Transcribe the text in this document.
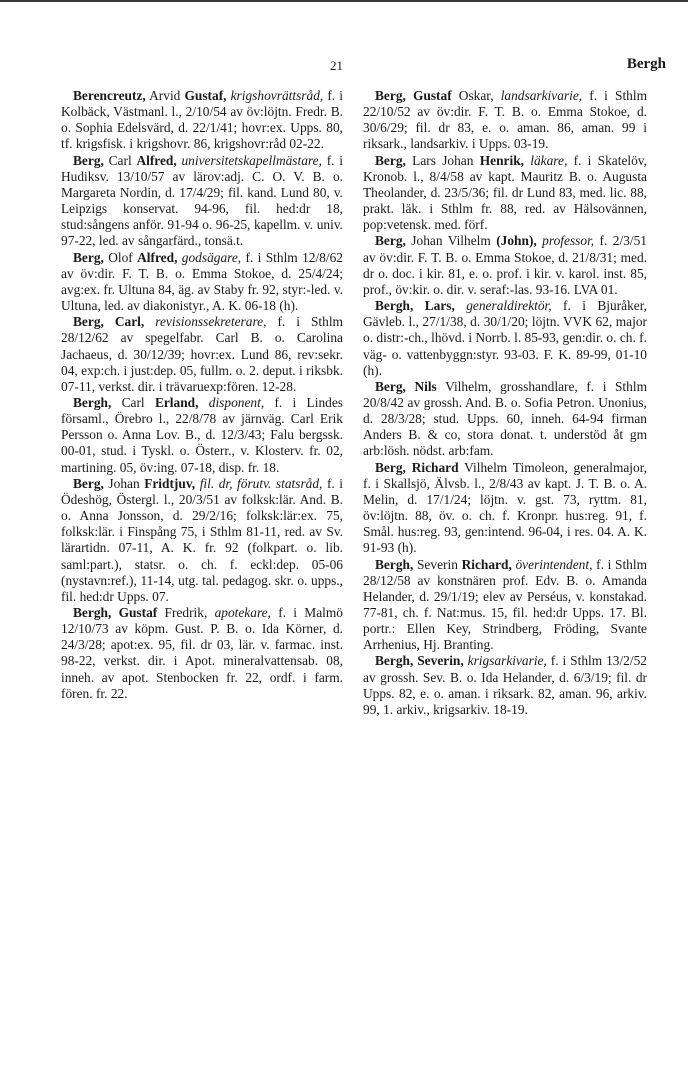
21	Bergh

Berencreutz, Arvid Gustaf, krigshovrättsråd, f. i Kolbäck, Västmanl. l., 2/10/54 av öv:löjtn. Fredr. B. o. Sophia Edelsvärd, d. 22/1/41; hovr:ex. Upps. 80, tf. krigsfisk. i krigshovr. 86, krigshovr:råd 02-22.

Berg, Carl Alfred, universitetskapellmästare, f. i Hudiksv. 13/10/57 av lärov:adj. C. O. V. B. o. Margareta Nordin, d. 17/4/29; fil. kand. Lund 80, v. Leipzigs konservat. 94-96, fil. hed:dr 18, stud:sångens anför. 91-94 o. 96-25, kapellm. v. univ. 97-22, led. av sångarfärd., tonsä.t.

Berg, Olof Alfred, godsägare, f. i Sthlm 12/8/62 av öv:dir. F. T. B. o. Emma Stokoe, d. 25/4/24; avg:ex. fr. Ultuna 84, äg. av Staby fr. 92, styr:-led. v. Ultuna, led. av diakonistyr., A. K. 06-18 (h).

Berg, Carl, revisionssekreterare, f. i Sthlm 28/12/62 av spegelfabr. Carl B. o. Carolina Jachaeus, d. 30/12/39; hovr:ex. Lund 86, rev:sekr. 04, exp:ch. i just:dep. 05, fullm. o. 2. deput. i riksbk. 07-11, verkst. dir. i trävaruexp:fören. 12-28.

Bergh, Carl Erland, disponent, f. i Lindes församl., Örebro l., 22/8/78 av järnväg. Carl Erik Persson o. Anna Lov. B., d. 12/3/43; Falu bergssk. 00-01, stud. i Tyskl. o. Österr., v. Klosterv. fr. 02, martining. 05, öv:ing. 07-18, disp. fr. 18.

Berg, Johan Fridtjuv, fil. dr, förutv. statsråd, f. i Ödeshög, Östergl. l., 20/3/51 av folksk:lär. And. B. o. Anna Jonsson, d. 29/2/16; folksk:lär:ex. 75, folksk:lär. i Finspång 75, i Sthlm 81-11, red. av Sv. lärartidn. 07-11, A. K. fr. 92 (folkpart. o. lib. saml:part.), statsr. o. ch. f. eckl:dep. 05-06 (nystavn:ref.), 11-14, utg. tal. pedagog. skr. o. upps., fil. hed:dr Upps. 07.

Bergh, Gustaf Fredrik, apotekare, f. i Malmö 12/10/73 av köpm. Gust. P. B. o. Ida Körner, d. 24/3/28; apot:ex. 95, fil. dr 03, lär. v. farmac. inst. 98-22, verkst. dir. i Apot. mineralvattensab. 08, inneh. av apot. Stenbocken fr. 22, ordf. i farm. fören. fr. 22.

Berg, Gustaf Oskar, landsarkivarie, f. i Sthlm 22/10/52 av öv:dir. F. T. B. o. Emma Stokoe, d. 30/6/29; fil. dr 83, e. o. aman. 86, aman. 99 i riksark., landsarkiv. i Upps. 03-19.

Berg, Lars Johan Henrik, läkare, f. i Skatelöv, Kronob. l., 8/4/58 av kapt. Mauritz B. o. Augusta Theolander, d. 23/5/36; fil. dr Lund 83, med. lic. 88, prakt. läk. i Sthlm fr. 88, red. av Hälsovännen, pop:vetensk. med. förf.

Berg, Johan Vilhelm (John), professor, f. 2/3/51 av öv:dir. F. T. B. o. Emma Stokoe, d. 21/8/31; med. dr o. doc. i kir. 81, e. o. prof. i kir. v. karol. inst. 85, prof., öv:kir. o. dir. v. seraf:-las. 93-16. LVA 01.

Bergh, Lars, generaldirektör, f. i Bjuråker, Gävleb. l., 27/1/38, d. 30/1/20; löjtn. VVK 62, major o. distr:-ch., lhövd. i Norrb. l. 85-93, gen:dir. o. ch. f. väg- o. vattenbyggn:styr. 93-03. F. K. 89-99, 01-10 (h).

Berg, Nils Vilhelm, grosshandlare, f. i Sthlm 20/8/42 av grossh. And. B. o. Sofia Petron. Unonius, d. 28/3/28; stud. Upps. 60, inneh. 64-94 firman Anders B. & co, stora donat. t. understöd åt gm arb:lösh. nödst. arb:fam.

Berg, Richard Vilhelm Timoleon, generalmajor, f. i Skallsjö, Älvsb. l., 2/8/43 av kapt. J. T. B. o. A. Melin, d. 17/1/24; löjtn. v. gst. 73, ryttm. 81, öv:löjtn. 88, öv. o. ch. f. Kronpr. hus:reg. 91, f. Smål. hus:reg. 93, gen:intend. 96-04, i res. 04. A. K. 91-93 (h).

Bergh, Severin Richard, överintendent, f. i Sthlm 28/12/58 av konstnären prof. Edv. B. o. Amanda Helander, d. 29/1/19; elev av Perséus, v. konstakad. 77-81, ch. f. Nat:mus. 15, fil. hed:dr Upps. 17. Bl. portr.: Ellen Key, Strindberg, Fröding, Svante Arrhenius, Hj. Branting.

Bergh, Severin, krigsarkivarie, f. i Sthlm 13/2/52 av grossh. Sev. B. o. Ida Helander, d. 6/3/19; fil. dr Upps. 82, e. o. aman. i riksark. 82, aman. 96, arkiv. 99, 1. arkiv., krigsarkiv. 18-19.
